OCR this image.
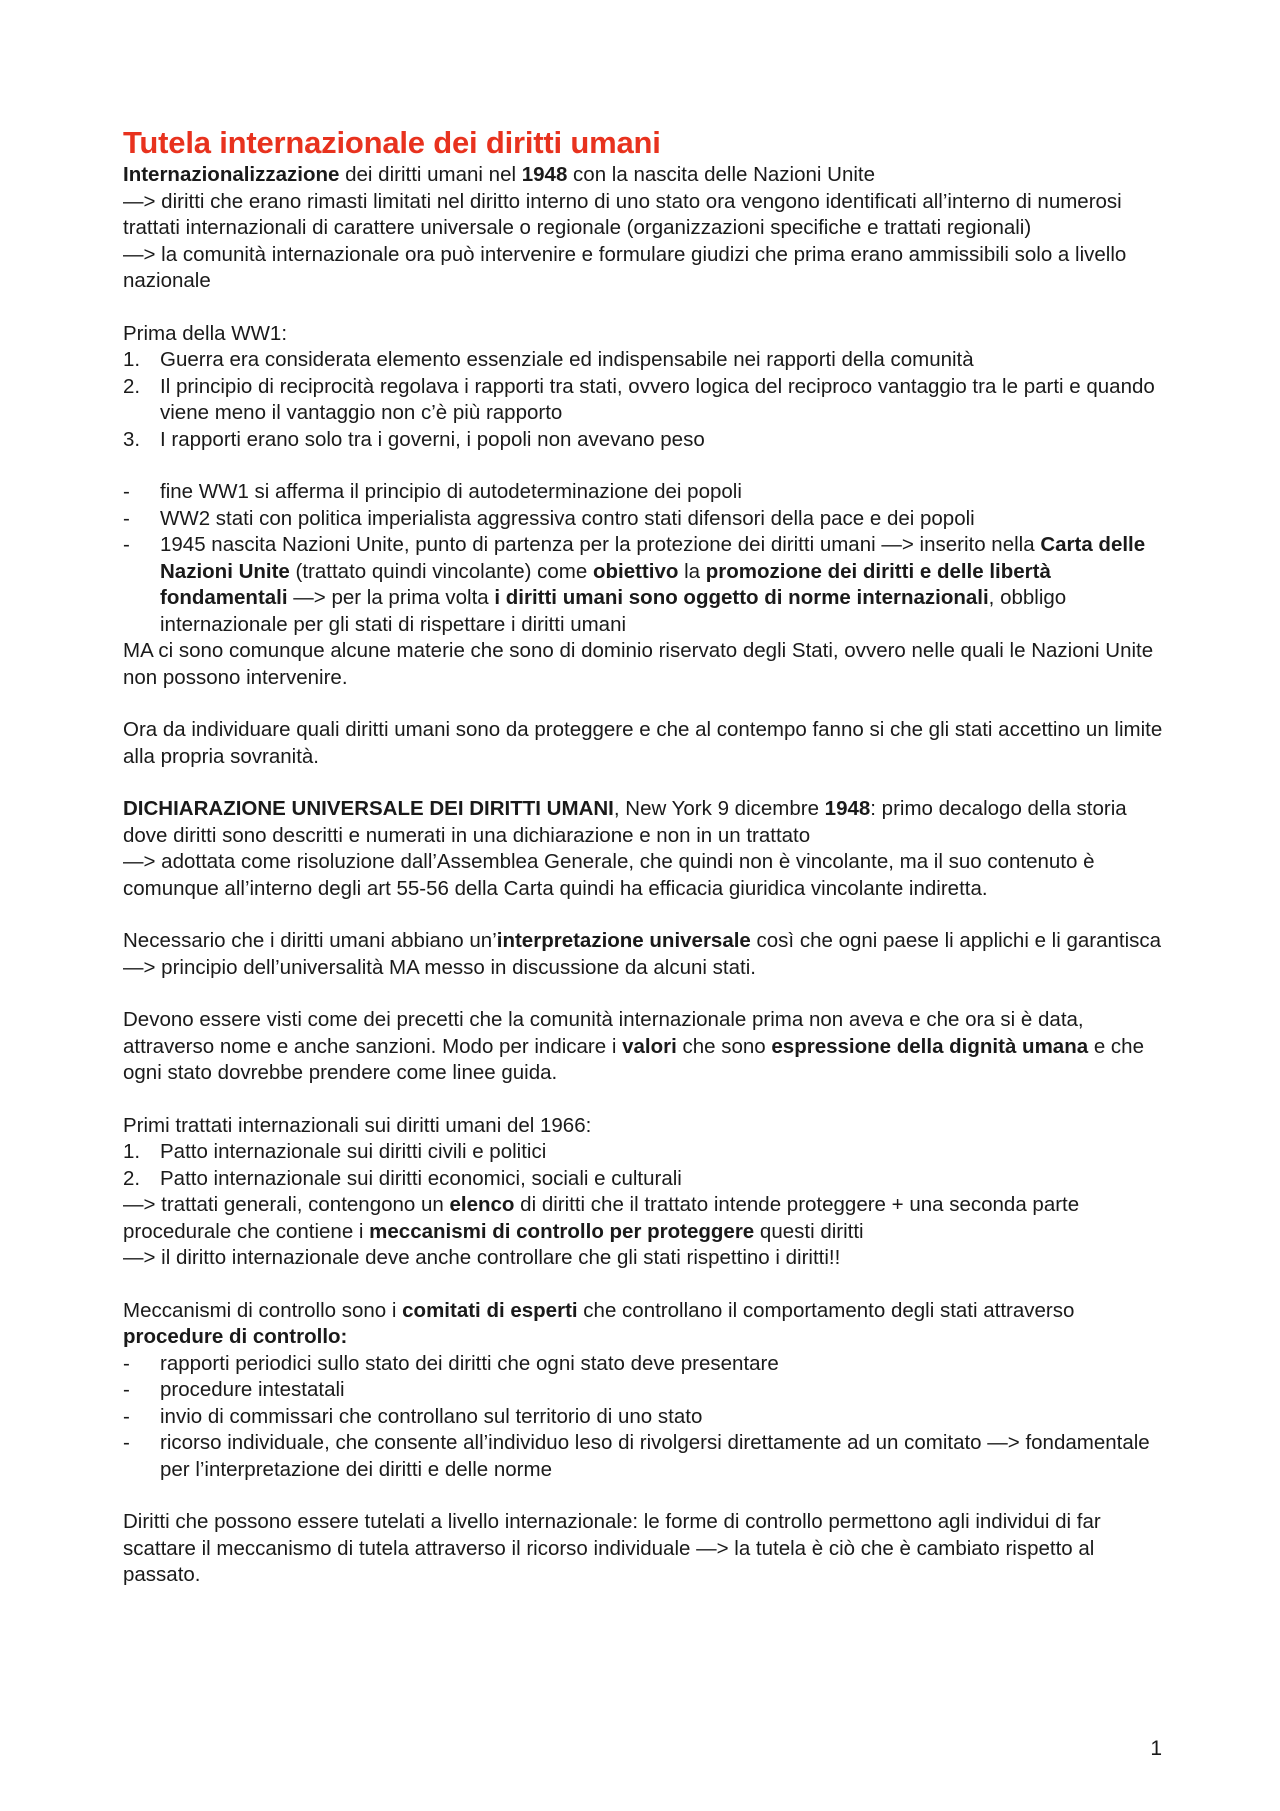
Tutela internazionale dei diritti umani

Internazionalizzazione dei diritti umani nel 1948 con la nascita delle Nazioni Unite

—> diritti che erano rimasti limitati nel diritto interno di uno stato ora vengono identificati all’interno di numerosi trattati internazionali di carattere universale o regionale (organizzazioni specifiche e trattati regionali)

—> la comunità internazionale ora può intervenire e formulare giudizi che prima erano ammissibili solo a livello nazionale

Prima della WW1:

1. Guerra era considerata elemento essenziale ed indispensabile nei rapporti della comunità
2. Il principio di reciprocità regolava i rapporti tra stati, ovvero logica del reciproco vantaggio tra le parti e quando viene meno il vantaggio non c’è più rapporto
3. I rapporti erano solo tra i governi, i popoli non avevano peso
- fine WW1 si afferma il principio di autodeterminazione dei popoli
- WW2 stati con politica imperialista aggressiva contro stati difensori della pace e dei popoli
- 1945 nascita Nazioni Unite, punto di partenza per la protezione dei diritti umani —> inserito nella Carta delle Nazioni Unite (trattato quindi vincolante) come obiettivo la promozione dei diritti e delle libertà fondamentali —> per la prima volta i diritti umani sono oggetto di norme internazionali, obbligo internazionale per gli stati di rispettare i diritti umani

MA ci sono comunque alcune materie che sono di dominio riservato degli Stati, ovvero nelle quali le Nazioni Unite non possono intervenire.

Ora da individuare quali diritti umani sono da proteggere e che al contempo fanno si che gli stati accettino un limite alla propria sovranità.

DICHIARAZIONE UNIVERSALE DEI DIRITTI UMANI, New York 9 dicembre 1948: primo decalogo della storia dove diritti sono descritti e numerati in una dichiarazione e non in un trattato

—> adottata come risoluzione dall’Assemblea Generale, che quindi non è vincolante, ma il suo contenuto è comunque all’interno degli art 55-56 della Carta quindi ha efficacia giuridica vincolante indiretta.

Necessario che i diritti umani abbiano un’interpretazione universale così che ogni paese li applichi e li garantisca —> principio dell’universalità MA messo in discussione da alcuni stati.

Devono essere visti come dei precetti che la comunità internazionale prima non aveva e che ora si è data, attraverso nome e anche sanzioni. Modo per indicare i valori che sono espressione della dignità umana e che ogni stato dovrebbe prendere come linee guida.

Primi trattati internazionali sui diritti umani del 1966:

1. Patto internazionale sui diritti civili e politici
2. Patto internazionale sui diritti economici, sociali e culturali

—> trattati generali, contengono un elenco di diritti che il trattato intende proteggere + una seconda parte procedurale che contiene i meccanismi di controllo per proteggere questi diritti

—> il diritto internazionale deve anche controllare che gli stati rispettino i diritti!!

Meccanismi di controllo sono i comitati di esperti che controllano il comportamento degli stati attraverso procedure di controllo:

- rapporti periodici sullo stato dei diritti che ogni stato deve presentare
- procedure intestatali
- invio di commissari che controllano sul territorio di uno stato
- ricorso individuale, che consente all’individuo leso di rivolgersi direttamente ad un comitato —> fondamentale per l’interpretazione dei diritti e delle norme

Diritti che possono essere tutelati a livello internazionale: le forme di controllo permettono agli individui di far scattare il meccanismo di tutela attraverso il ricorso individuale —> la tutela è ciò che è cambiato rispetto al passato.

1
